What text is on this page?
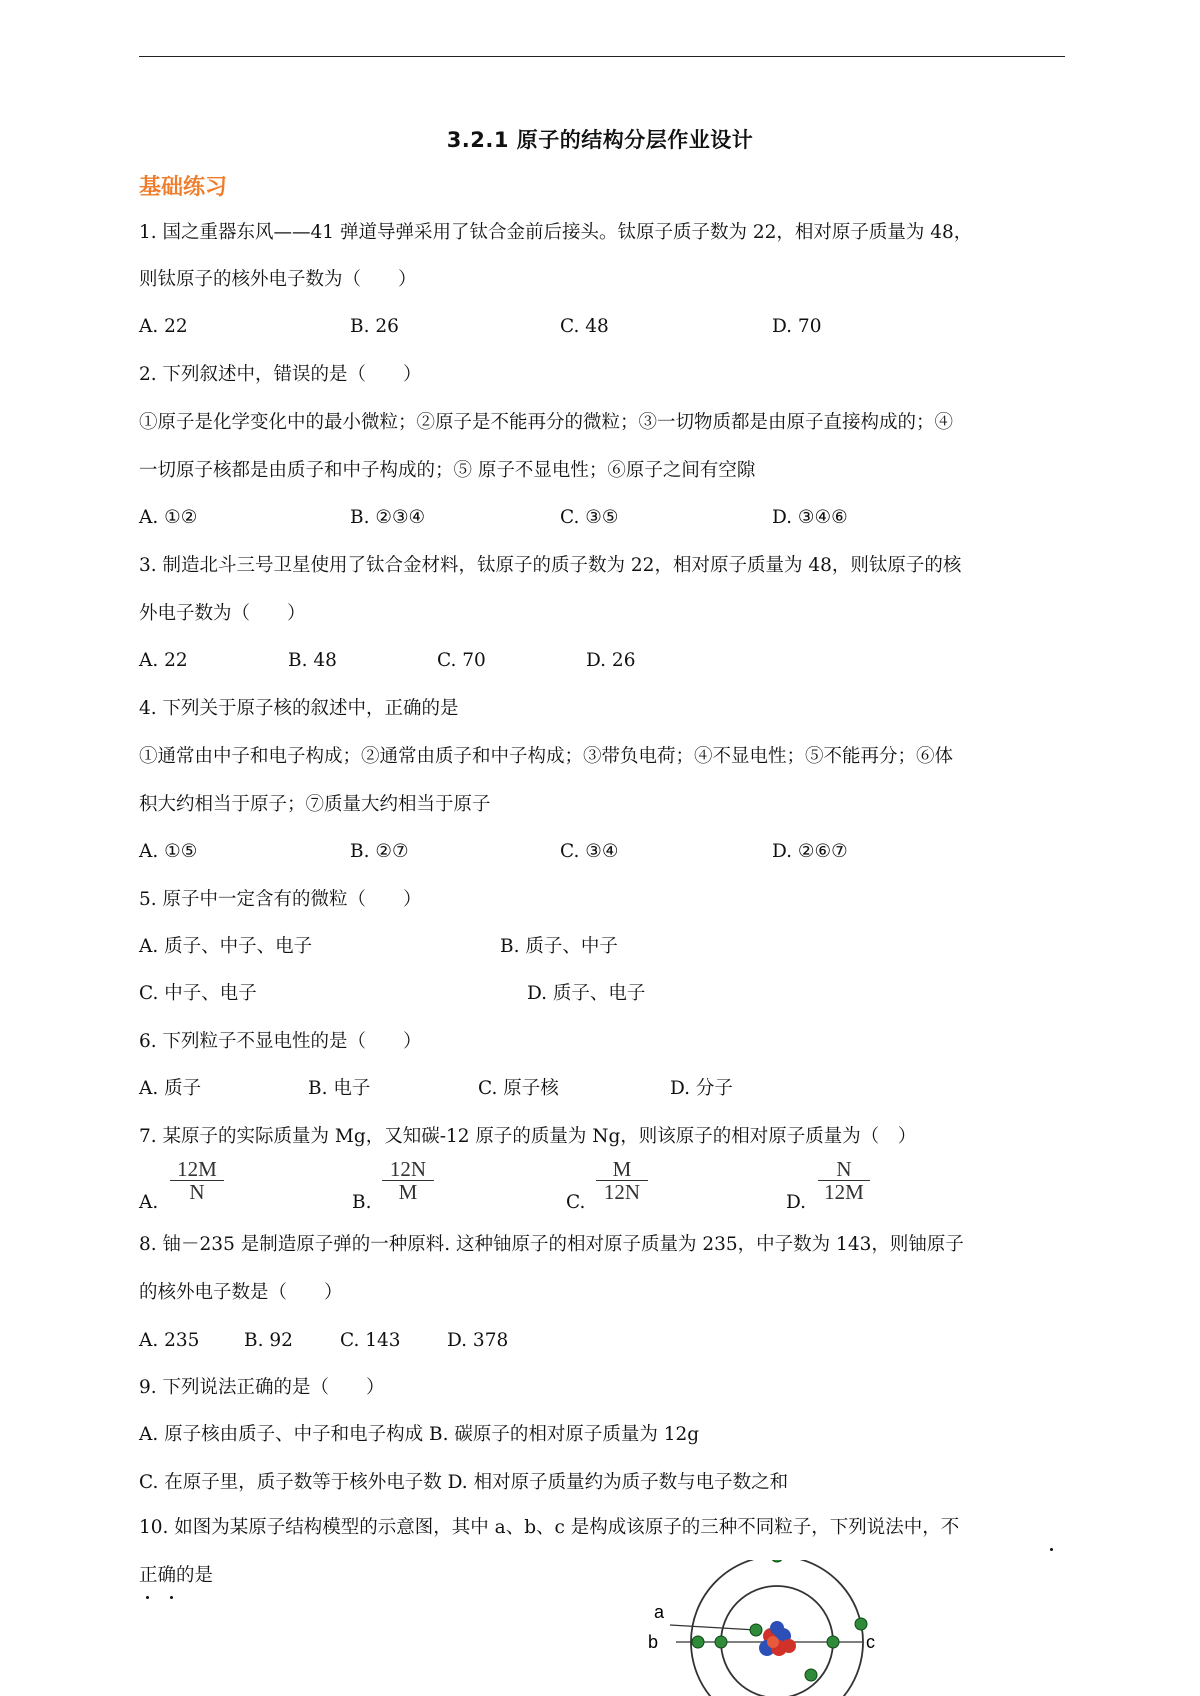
3.2.1 原子的结构分层作业设计
基础练习
1. 国之重器东风——41 弹道导弹采用了钛合金前后接头。钛原子质子数为 22，相对原子质量为 48，
则钛原子的核外电子数为（　　）
A. 22	B. 26	C. 48	D. 70
2. 下列叙述中，错误的是（　　）
①原子是化学变化中的最小微粒；②原子是不能再分的微粒；③一切物质都是由原子直接构成的；④
一切原子核都是由质子和中子构成的；⑤ 原子不显电性；⑥原子之间有空隙
A. ①②	B. ②③④	C. ③⑤	D. ③④⑥
3. 制造北斗三号卫星使用了钛合金材料，钛原子的质子数为 22，相对原子质量为 48，则钛原子的核
外电子数为（　　）
A. 22	B. 48	C. 70	D. 26
4. 下列关于原子核的叙述中，正确的是
①通常由中子和电子构成；②通常由质子和中子构成；③带负电荷；④不显电性；⑤不能再分；⑥体
积大约相当于原子；⑦质量大约相当于原子
A. ①⑤	B. ②⑦	C. ③④	D. ②⑥⑦
5. 原子中一定含有的微粒（　　）
A. 质子、中子、电子	B. 质子、中子
C. 中子、电子	D. 质子、电子
6. 下列粒子不显电性的是（　　）
A. 质子	B. 电子	C. 原子核	D. 分子
7. 某原子的实际质量为 Mg，又知碳-12 原子的质量为 Ng，则该原子的相对原子质量为（　）
A.
12M
N	B.
12N
M	C.
M
12N	D.
N
12M
8. 铀－235 是制造原子弹的一种原料. 这种铀原子的相对原子质量为 235，中子数为 143，则铀原子
的核外电子数是（　　）
A. 235 B. 92	C. 143	D. 378
9. 下列说法正确的是（　　）
A. 原子核由质子、中子和电子构成 B. 碳原子的相对原子质量为 12g
C. 在原子里，质子数等于核外电子数 D. 相对原子质量约为质子数与电子数之和
10. 如图为某原子结构模型的示意图，其中 a、b、c 是构成该原子的三种不同粒子，下列说法中，不
正确的是
a
b	c
